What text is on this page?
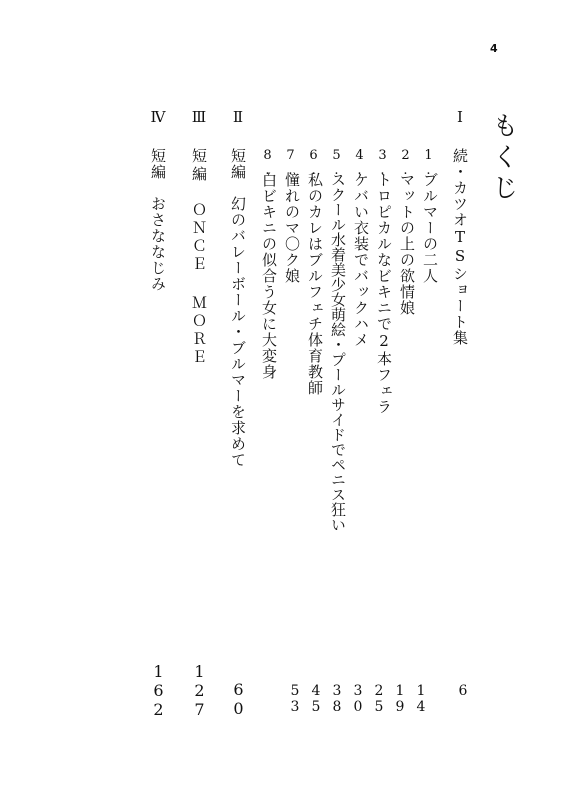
4
もくじ
Ⅰ
続・カツオTSショート集
1.
ブルマーの二人
2.
マットの上の欲情娘
3.
トロピカルなビキニで2本フェラ
4.
ケバい衣装でバックハメ
5.
スクール水着美少女萌絵・プールサイドでペニス狂い
6.
私のカレはブルフェチ体育教師
7.
憧れのマ〇ク娘
8.
白ビキニの似合う女に大変身
Ⅱ
短編　幻のバレーボール・ブルマーを求めて
Ⅲ
短編　ＯＮＣＥ ＭＯＲＥ
Ⅳ
短編　おさななじみ
6
14
19
25
30
38
45
53
60
127
162
